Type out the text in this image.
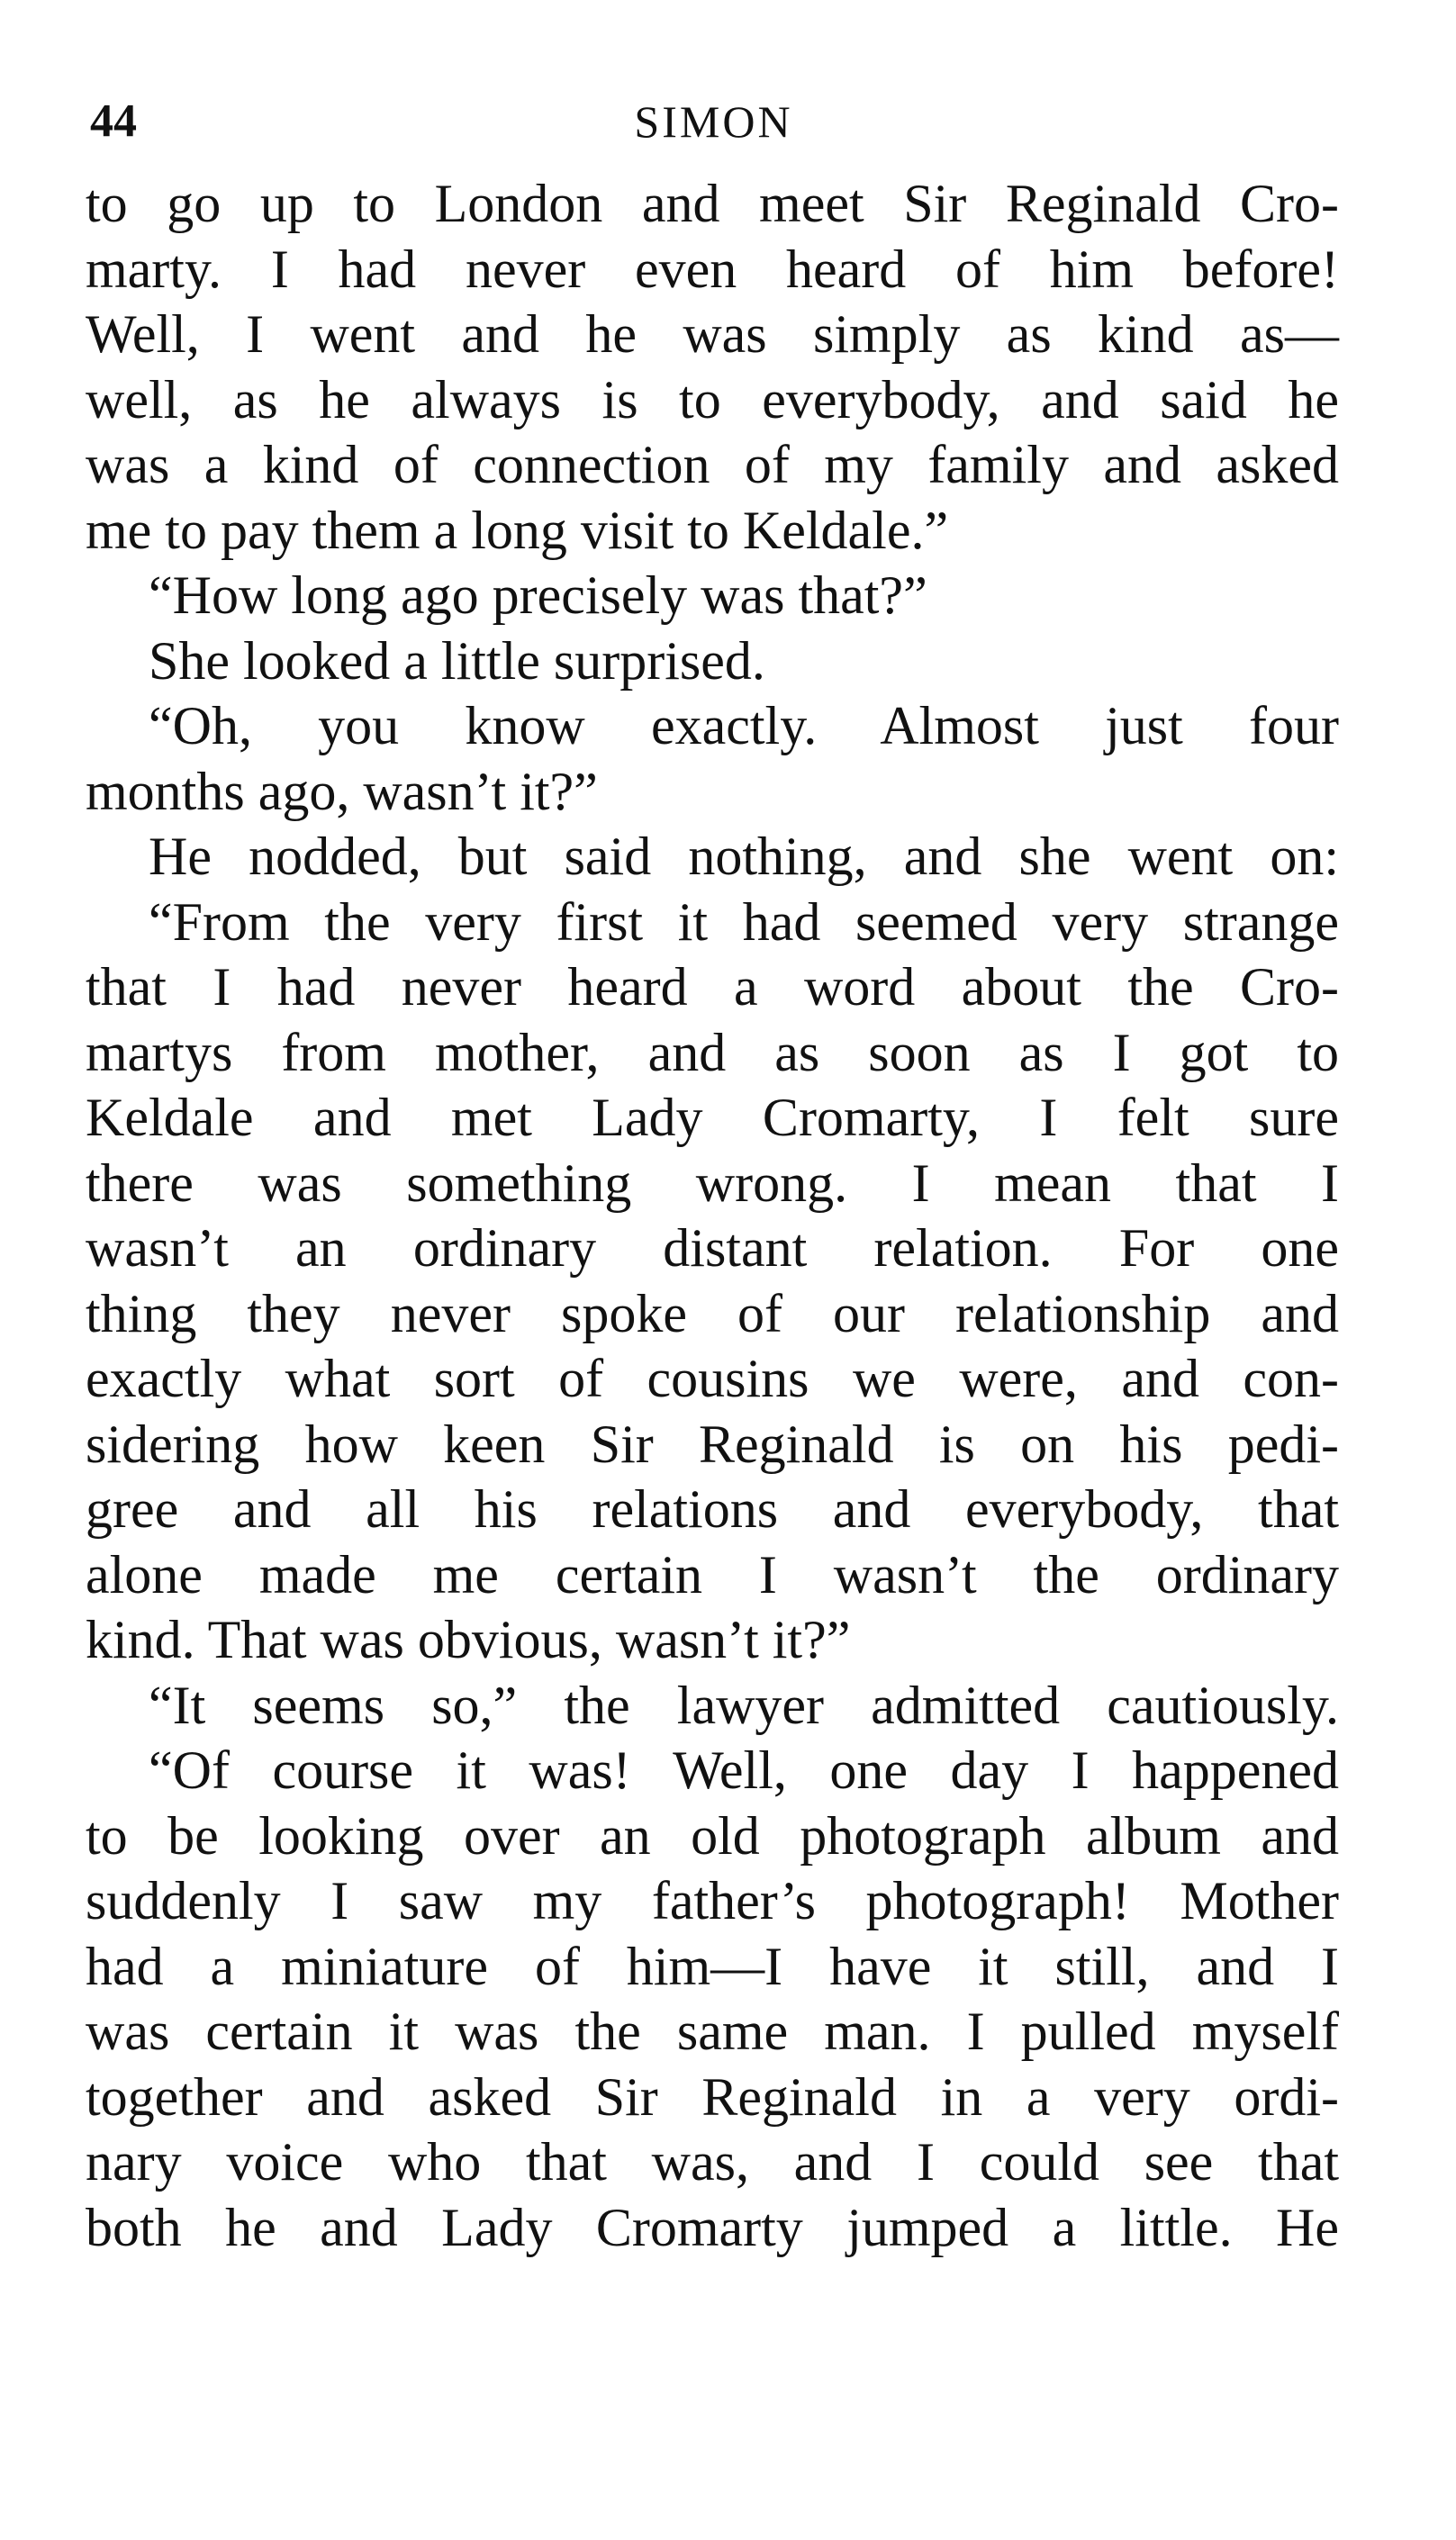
44	SIMON
to go up to London and meet Sir Reginald Cro-
marty. I had never even heard of him before!
Well, I went and he was simply as kind as—
well, as he always is to everybody, and said he
was a kind of connection of my family and asked
me to pay them a long visit to Keldale.”
“How long ago precisely was that?”
She looked a little surprised.
“Oh, you know exactly. Almost just four
months ago, wasn’t it?”
He nodded, but said nothing, and she went on:
“From the very first it had seemed very strange
that I had never heard a word about the Cro-
martys from mother, and as soon as I got to
Keldale and met Lady Cromarty, I felt sure
there was something wrong. I mean that I
wasn’t an ordinary distant relation. For one
thing they never spoke of our relationship and
exactly what sort of cousins we were, and con-
sidering how keen Sir Reginald is on his pedi-
gree and all his relations and everybody, that
alone made me certain I wasn’t the ordinary
kind. That was obvious, wasn’t it?”
“It seems so,” the lawyer admitted cautiously.
“Of course it was! Well, one day I happened
to be looking over an old photograph album and
suddenly I saw my father’s photograph! Mother
had a miniature of him—I have it still, and I
was certain it was the same man. I pulled myself
together and asked Sir Reginald in a very ordi-
nary voice who that was, and I could see that
both he and Lady Cromarty jumped a little. He
